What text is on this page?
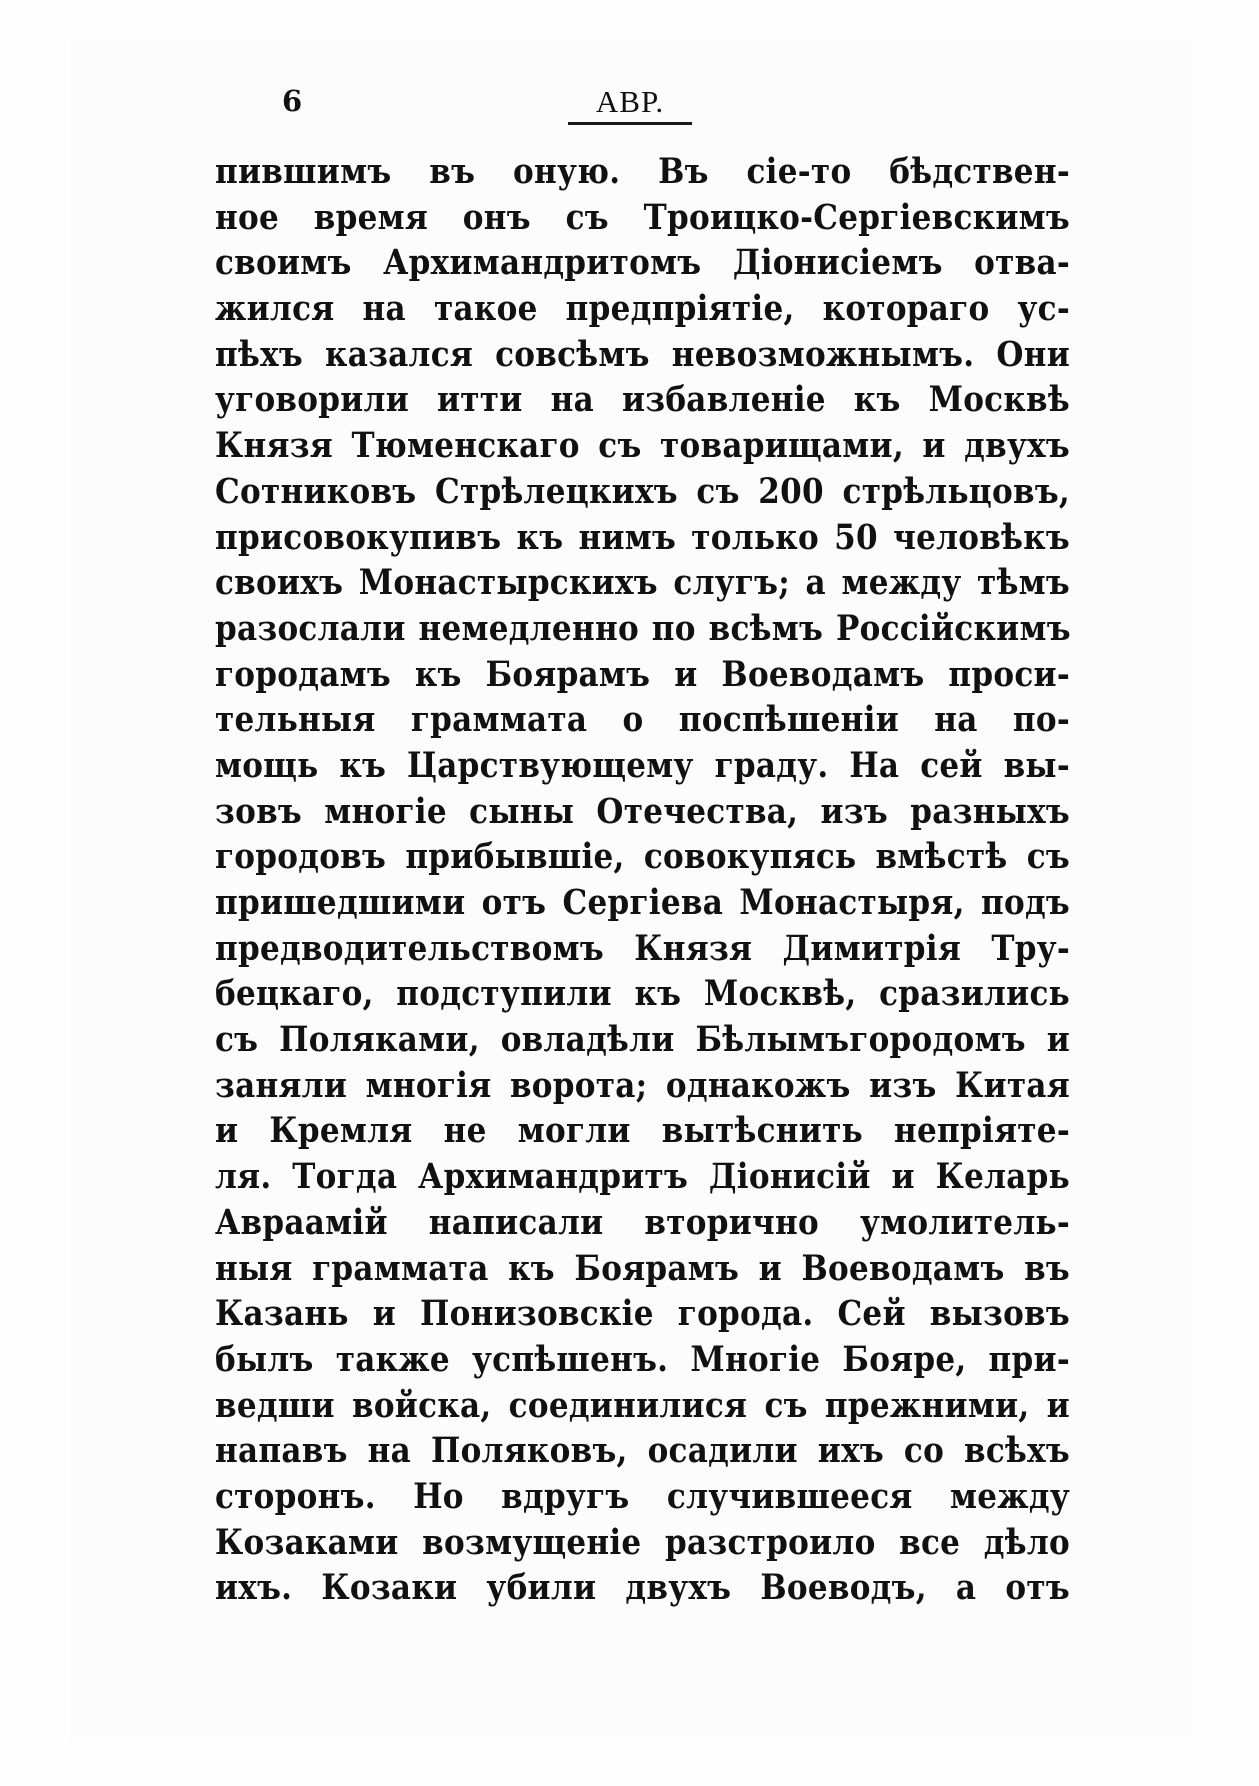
6	АВР.
пившимъ въ оную. Въ сіе-то бѣдствен-
ное время онъ съ Троицко-Сергіевскимъ
своимъ Архимандритомъ Діонисіемъ отва-
жился на такое предпріятіе, котораго ус-
пѣхъ казался совсѣмъ невозможнымъ. Они
уговорили итти на избавленіе къ Москвѣ
Князя Тюменскаго съ товарищами, и двухъ
Сотниковъ Стрѣлецкихъ съ 200 стрѣльцовъ,
присовокупивъ къ нимъ только 50 человѣкъ
своихъ Монастырскихъ слугъ; а между тѣмъ
разослали немедленно по всѣмъ Россійскимъ
городамъ къ Боярамъ и Воеводамъ проси-
тельныя граммата о поспѣшеніи на по-
мощь къ Царствующему граду. На сей вы-
зовъ многіе сыны Отечества, изъ разныхъ
городовъ прибывшіе, совокупясь вмѣстѣ съ
пришедшими отъ Сергіева Монастыря, подъ
предводительствомъ Князя Димитрія Тру-
бецкаго, подступили къ Москвѣ, сразились
съ Поляками, овладѣли Бѣлымъгородомъ и
заняли многія ворота; однакожъ изъ Китая
и Кремля не могли вытѣснить непріяте-
ля. Тогда Архимандритъ Діонисій и Келарь
Авраамій написали вторично умолитель-
ныя граммата къ Боярамъ и Воеводамъ въ
Казань и Понизовскіе города. Сей вызовъ
былъ также успѣшенъ. Многіе Бояре, при-
ведши войска, соединилися съ прежними, и
напавъ на Поляковъ, осадили ихъ со всѣхъ
сторонъ. Но вдругъ случившееся между
Козаками возмущеніе разстроило все дѣло
ихъ. Козаки убили двухъ Воеводъ, а отъ
